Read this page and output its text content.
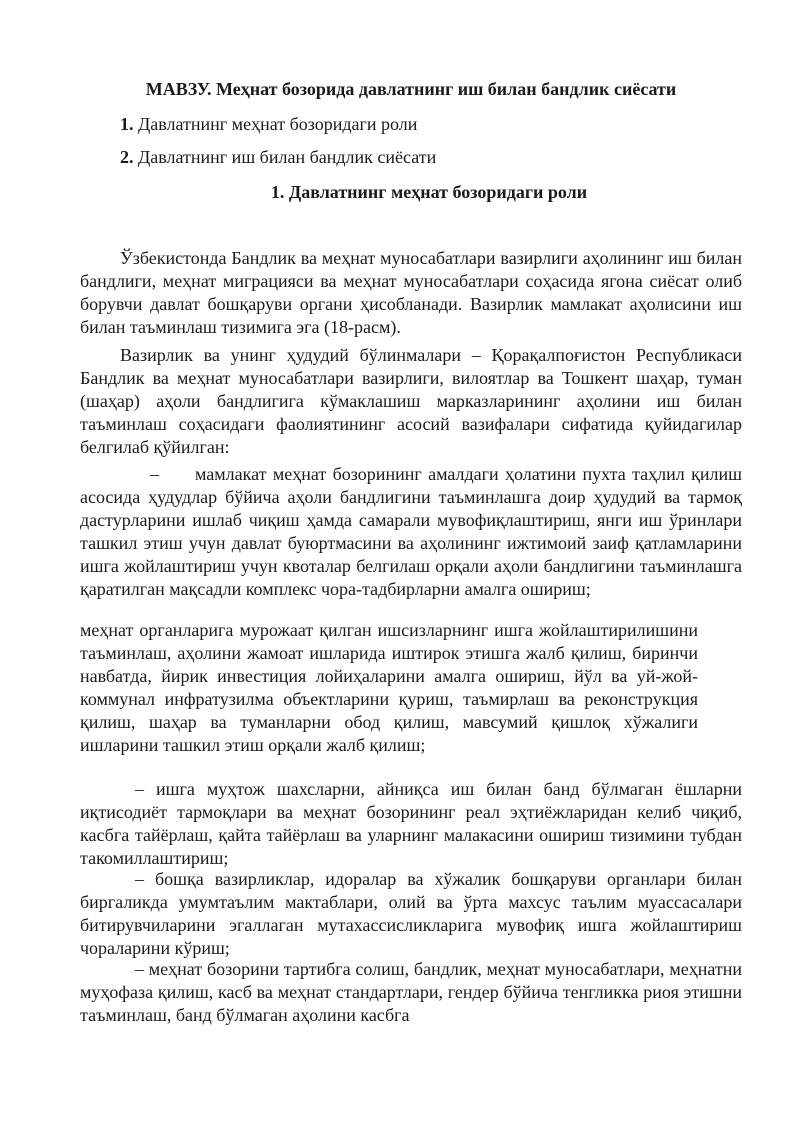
МАВЗУ. Меҳнат бозорида давлатнинг иш билан бандлик сиёсати

1. Давлатнинг меҳнат бозоридаги роли

2. Давлатнинг иш билан бандлик сиёсати

1. Давлатнинг меҳнат бозоридаги роли

Ўзбекистонда Бандлик ва меҳнат муносабатлари вазирлиги аҳолининг иш билан бандлиги, меҳнат миграцияси ва меҳнат муносабатлари соҳасида ягона сиёсат олиб борувчи давлат бошқаруви органи ҳисобланади. Вазирлик мамлакат аҳолисини иш билан таъминлаш тизимига эга (18-расм).

Вазирлик ва унинг ҳудудий бўлинмалари – Қорақалпоғистон Республикаси Бандлик ва меҳнат муносабатлари вазирлиги, вилоятлар ва Тошкент шаҳар, туман (шаҳар) аҳоли бандлигига кўмаклашиш марказларининг аҳолини иш билан таъминлаш соҳасидаги фаолиятининг асосий вазифалари сифатида қуйидагилар белгилаб қўйилган:

– мамлакат меҳнат бозорининг амалдаги ҳолатини пухта таҳлил қилиш асосида ҳудудлар бўйича аҳоли бандлигини таъминлашга доир ҳудудий ва тармоқ дастурларини ишлаб чиқиш ҳамда самарали мувофиқлаштириш, янги иш ўринлари ташкил этиш учун давлат буюртмасини ва аҳолининг ижтимоий заиф қатламларини ишга жойлаштириш учун квоталар белгилаш орқали аҳоли бандлигини таъминлашга қаратилган мақсадли комплекс чора-тадбирларни амалга ошириш;

меҳнат органларига мурожаат қилган ишсизларнинг ишга жойлаштирилишини таъминлаш, аҳолини жамоат ишларида иштирок этишга жалб қилиш, биринчи навбатда, йирик инвестиция лойиҳаларини амалга ошириш, йўл ва уй-жой-коммунал инфратузилма объектларини қуриш, таъмирлаш ва реконструкция қилиш, шаҳар ва туманларни обод қилиш, мавсумий қишлоқ хўжалиги ишларини ташкил этиш орқали жалб қилиш;

– ишга муҳтож шахсларни, айниқса иш билан банд бўлмаган ёшларни иқтисодиёт тармоқлари ва меҳнат бозорининг реал эҳтиёжларидан келиб чиқиб, касбга тайёрлаш, қайта тайёрлаш ва уларнинг малакасини ошириш тизимини тубдан такомиллаштириш;

– бошқа вазирликлар, идоралар ва хўжалик бошқаруви органлари билан биргаликда умумтаълим мактаблари, олий ва ўрта махсус таълим муассасалари битирувчиларини эгаллаган мутахассисликларига мувофиқ ишга жойлаштириш чораларини кўриш;

– меҳнат бозорини тартибга солиш, бандлик, меҳнат муносабатлари, меҳнатни муҳофаза қилиш, касб ва меҳнат стандартлари, гендер бўйича тенгликка риоя этишни таъминлаш, банд бўлмаган аҳолини касбга
